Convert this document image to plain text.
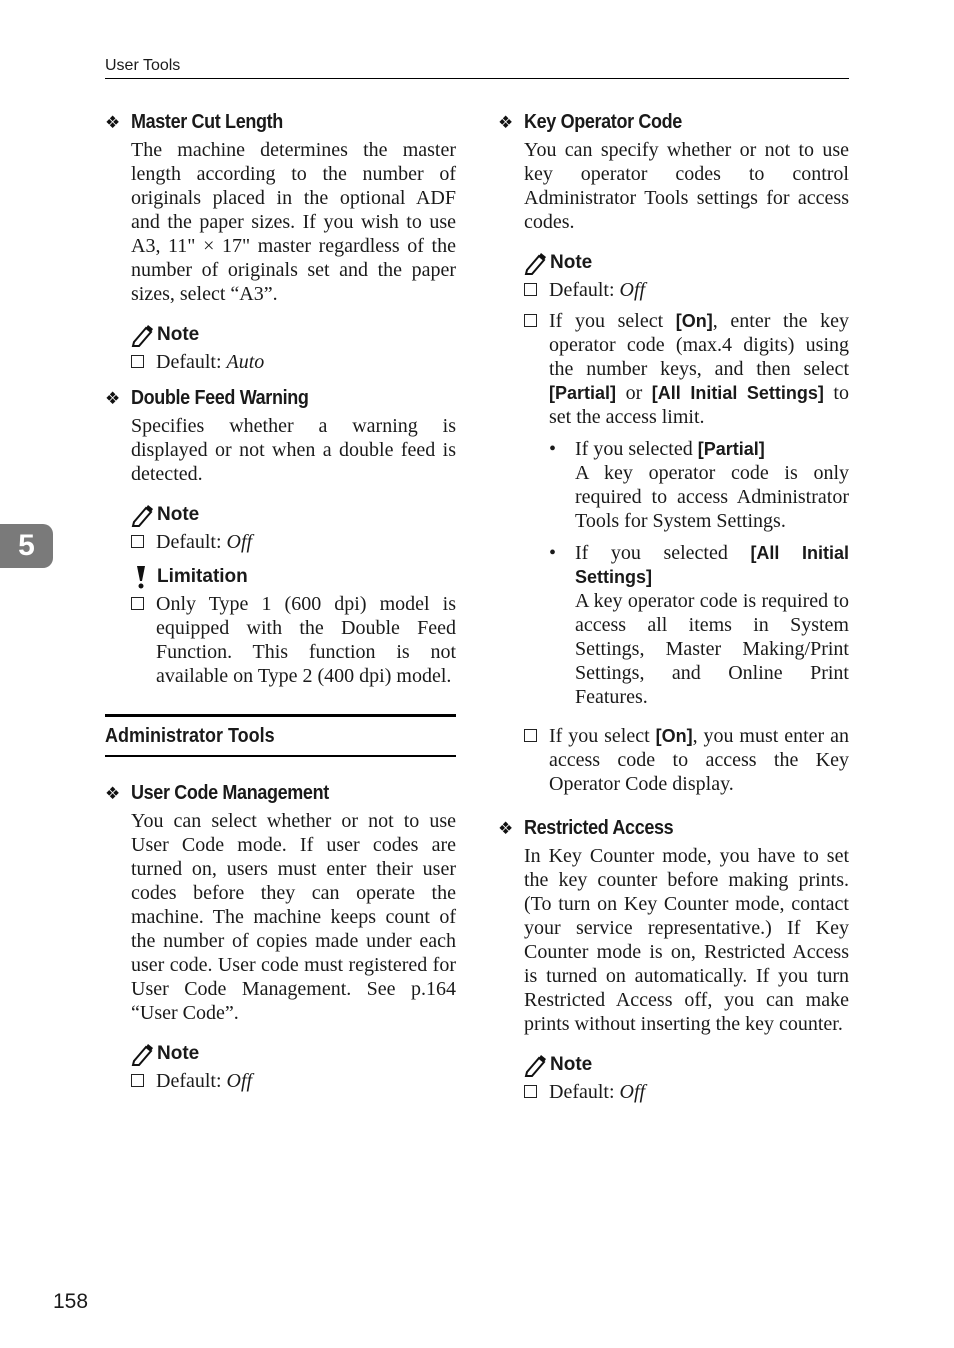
User Tools
5
❖ Master Cut Length
The machine determines the master length according to the number of originals placed in the optional ADF and the paper sizes. If you wish to use A3, 11" × 17" master regardless of the number of originals set and the paper sizes, select “A3”.
Note
Default: Auto
❖ Double Feed Warning
Specifies whether a warning is displayed or not when a double feed is detected.
Note
Default: Off
Limitation
Only Type 1 (600 dpi) model is equipped with the Double Feed Function. This function is not available on Type 2 (400 dpi) model.
Administrator Tools
❖ User Code Management
You can select whether or not to use User Code mode. If user codes are turned on, users must enter their user codes before they can operate the machine. The machine keeps count of the number of copies made under each user code. User code must registered for User Code Management. See p.164 “User Code”.
Note
Default: Off
❖ Key Operator Code
You can specify whether or not to use key operator codes to control Administrator Tools settings for access codes.
Note
Default: Off
If you select [On], enter the key operator code (max.4 digits) using the number keys, and then select [Partial] or [All Initial Settings] to set the access limit.
• If you selected [Partial]
A key operator code is only required to access Administrator Tools for System Settings.
• If you selected [All Initial Settings]
A key operator code is required to access all items in System Settings, Master Making/Print Settings, and Online Print Features.
If you select [On], you must enter an access code to access the Key Operator Code display.
❖ Restricted Access
In Key Counter mode, you have to set the key counter before making prints. (To turn on Key Counter mode, contact your service representative.) If Key Counter mode is on, Restricted Access is turned on automatically. If you turn Restricted Access off, you can make prints without inserting the key counter.
Note
Default: Off
158
